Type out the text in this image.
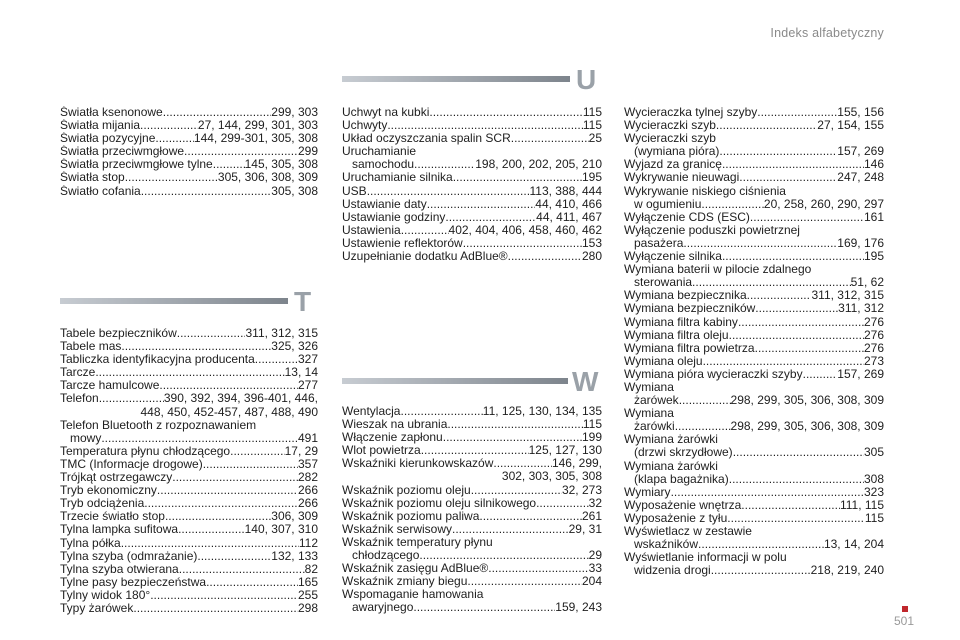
Indeks alfabetyczny
U
T
W
Światła ksenonowe .....	299, 303
Światła mijania .....	27, 144, 299, 301, 303
Światła pozycyjne .....	144, 299-301, 305, 308
Światła przeciwmgłowe .....	299
Światła przeciwmgłowe tylne .....	145, 305, 308
Światła stop .....	305, 306, 308, 309
Światło cofania .....	305, 308
Tabele bezpieczników .....	311, 312, 315
Tabele mas .....	325, 326
Tabliczka identyfikacyjna producenta .....	327
Tarcze .....	13, 14
Tarcze hamulcowe .....	277
Telefon .....	390, 392, 394, 396-401, 446,
448, 450, 452-457, 487, 488, 490
Telefon Bluetooth z rozpoznawaniem
mowy .....	491
Temperatura płynu chłodzącego .....	17, 29
TMC (Informacje drogowe) .....	357
Trójkąt ostrzegawczy .....	282
Tryb ekonomiczny .....	266
Tryb odciążenia .....	266
Trzecie światło stop .....	306, 309
Tylna lampka sufitowa .....	140, 307, 310
Tylna półka .....	112
Tylna szyba (odmrażanie) .....	132, 133
Tylna szyba otwierana .....	82
Tylne pasy bezpieczeństwa .....	165
Tylny widok 180° .....	255
Typy żarówek .....	298
Uchwyt na kubki .....	115
Uchwyty .....	115
Układ oczyszczania spalin SCR .....	25
Uruchamianie
samochodu .....	198, 200, 202, 205, 210
Uruchamianie silnika .....	195
USB .....	113, 388, 444
Ustawianie daty .....	44, 410, 466
Ustawianie godziny .....	44, 411, 467
Ustawienia .....	402, 404, 406, 458, 460, 462
Ustawienie reflektorów .....	153
Uzupełnianie dodatku AdBlue® .....	280
Wentylacja .....	11, 125, 130, 134, 135
Wieszak na ubrania .....	115
Włączenie zapłonu .....	199
Wlot powietrza .....	125, 127, 130
Wskaźniki kierunkowskazów .....	146, 299,
302, 303, 305, 308
Wskaźnik poziomu oleju .....	32, 273
Wskaźnik poziomu oleju silnikowego .....	32
Wskaźnik poziomu paliwa .....	261
Wskaźnik serwisowy .....	29, 31
Wskaźnik temperatury płynu
chłodzącego .....	29
Wskaźnik zasięgu AdBlue® .....	33
Wskaźnik zmiany biegu .....	204
Wspomaganie hamowania
awaryjnego .....	159, 243
Wycieraczka tylnej szyby .....	155, 156
Wycieraczki szyb .....	27, 154, 155
Wycieraczki szyb
(wymiana pióra) .....	157, 269
Wyjazd za granicę .....	146
Wykrywanie nieuwagi .....	247, 248
Wykrywanie niskiego ciśnienia
w ogumieniu .....	20, 258, 260, 290, 297
Wyłączenie CDS (ESC) .....	161
Wyłączenie poduszki powietrznej
pasażera .....	169, 176
Wyłączenie silnika .....	195
Wymiana baterii w pilocie zdalnego
sterowania .....	51, 62
Wymiana bezpiecznika .....	311, 312, 315
Wymiana bezpieczników .....	311, 312
Wymiana filtra kabiny .....	276
Wymiana filtra oleju .....	276
Wymiana filtra powietrza .....	276
Wymiana oleju .....	273
Wymiana pióra wycieraczki szyby .....	157, 269
Wymiana
żarówek .....	298, 299, 305, 306, 308, 309
Wymiana
żarówki .....	298, 299, 305, 306, 308, 309
Wymiana żarówki
(drzwi skrzydłowe) .....	305
Wymiana żarówki
(klapa bagażnika) .....	308
Wymiary .....	323
Wyposażenie wnętrza .....	111, 115
Wyposażenie z tyłu .....	115
Wyświetlacz w zestawie
wskaźników .....	13, 14, 204
Wyświetlanie informacji w polu
widzenia drogi .....	218, 219, 240
501
